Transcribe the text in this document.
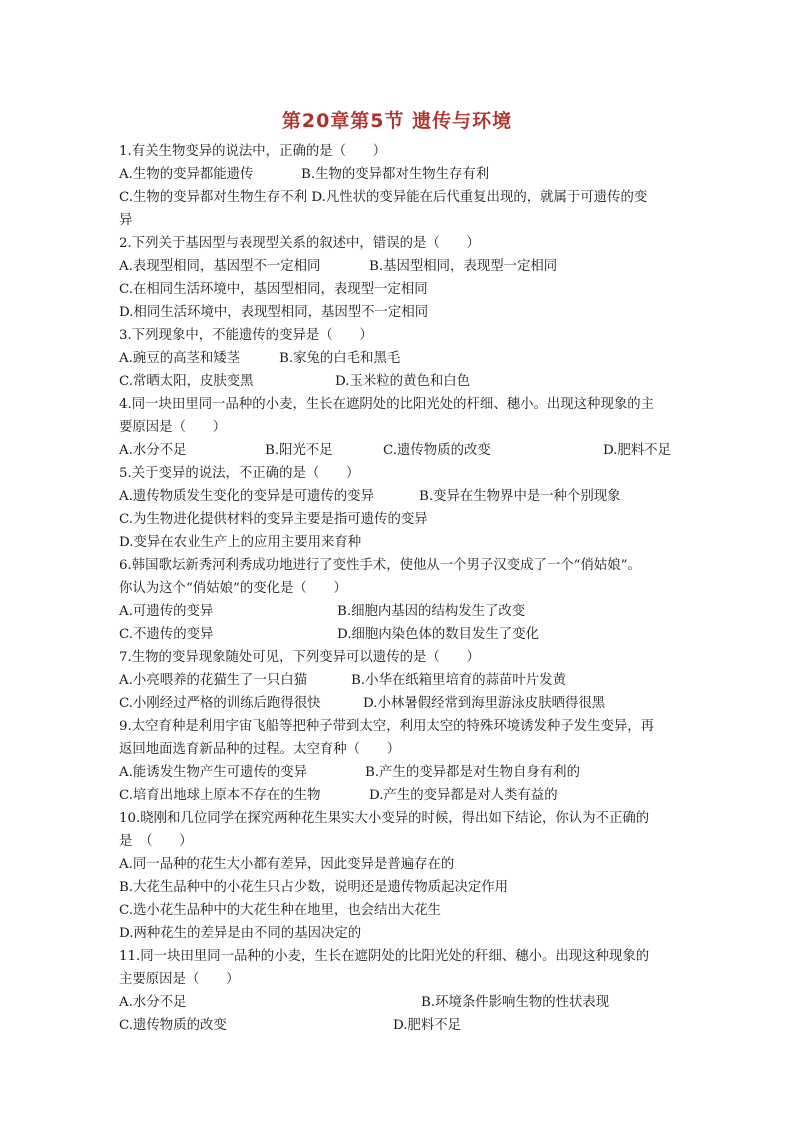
第20章第5节 遗传与环境
1.有关生物变异的说法中，正确的是（　　）
A.生物的变异都能遗传	B.生物的变异都对生物生存有利
C.生物的变异都对生物生存不利 D.凡性状的变异能在后代重复出现的，就属于可遗传的变
异
2.下列关于基因型与表现型关系的叙述中，错误的是（　　）
A.表现型相同，基因型不一定相同	B.基因型相同，表现型一定相同
C.在相同生活环境中，基因型相同，表现型一定相同
D.相同生活环境中，表现型相同，基因型不一定相同
3.下列现象中，不能遗传的变异是（　　）
A.豌豆的高茎和矮茎	B.家兔的白毛和黑毛
C.常晒太阳，皮肤变黑	D.玉米粒的黄色和白色
4.同一块田里同一品种的小麦，生长在遮阴处的比阳光处的杆细、穗小。出现这种现象的主
要原因是（　　）
A.水分不足	B.阳光不足	C.遗传物质的改变	D.肥料不足
5.关于变异的说法，不正确的是（　　）
A.遗传物质发生变化的变异是可遗传的变异	B.变异在生物界中是一种个别现象
C.为生物进化提供材料的变异主要是指可遗传的变异
D.变异在农业生产上的应用主要用来育种
6.韩国歌坛新秀河利秀成功地进行了变性手术，使他从一个男子汉变成了一个“俏姑娘”。
你认为这个“俏姑娘”的变化是（　　）
A.可遗传的变异	B.细胞内基因的结构发生了改变
C.不遗传的变异	D.细胞内染色体的数目发生了变化
7.生物的变异现象随处可见，下列变异可以遗传的是（　　）
A.小亮喂养的花猫生了一只白猫	B.小华在纸箱里培育的蒜苗叶片发黄
C.小刚经过严格的训练后跑得很快	D.小林暑假经常到海里游泳皮肤晒得很黑
9.太空育种是利用宇宙飞船等把种子带到太空，利用太空的特殊环境诱发种子发生变异，再
返回地面选育新品种的过程。太空育种（　　）
A.能诱发生物产生可遗传的变异	B.产生的变异都是对生物自身有利的
C.培育出地球上原本不存在的生物	D.产生的变异都是对人类有益的
10.晓刚和几位同学在探究两种花生果实大小变异的时候，得出如下结论，你认为不正确的
是　（　　）
A.同一品种的花生大小都有差异，因此变异是普遍存在的
B.大花生品种中的小花生只占少数，说明还是遗传物质起决定作用
C.选小花生品种中的大花生种在地里，也会结出大花生
D.两种花生的差异是由不同的基因决定的
11.同一块田里同一品种的小麦，生长在遮阴处的比阳光处的秆细、穗小。出现这种现象的
主要原因是（　　）
A.水分不足	B.环境条件影响生物的性状表现
C.遗传物质的改变	D.肥料不足
